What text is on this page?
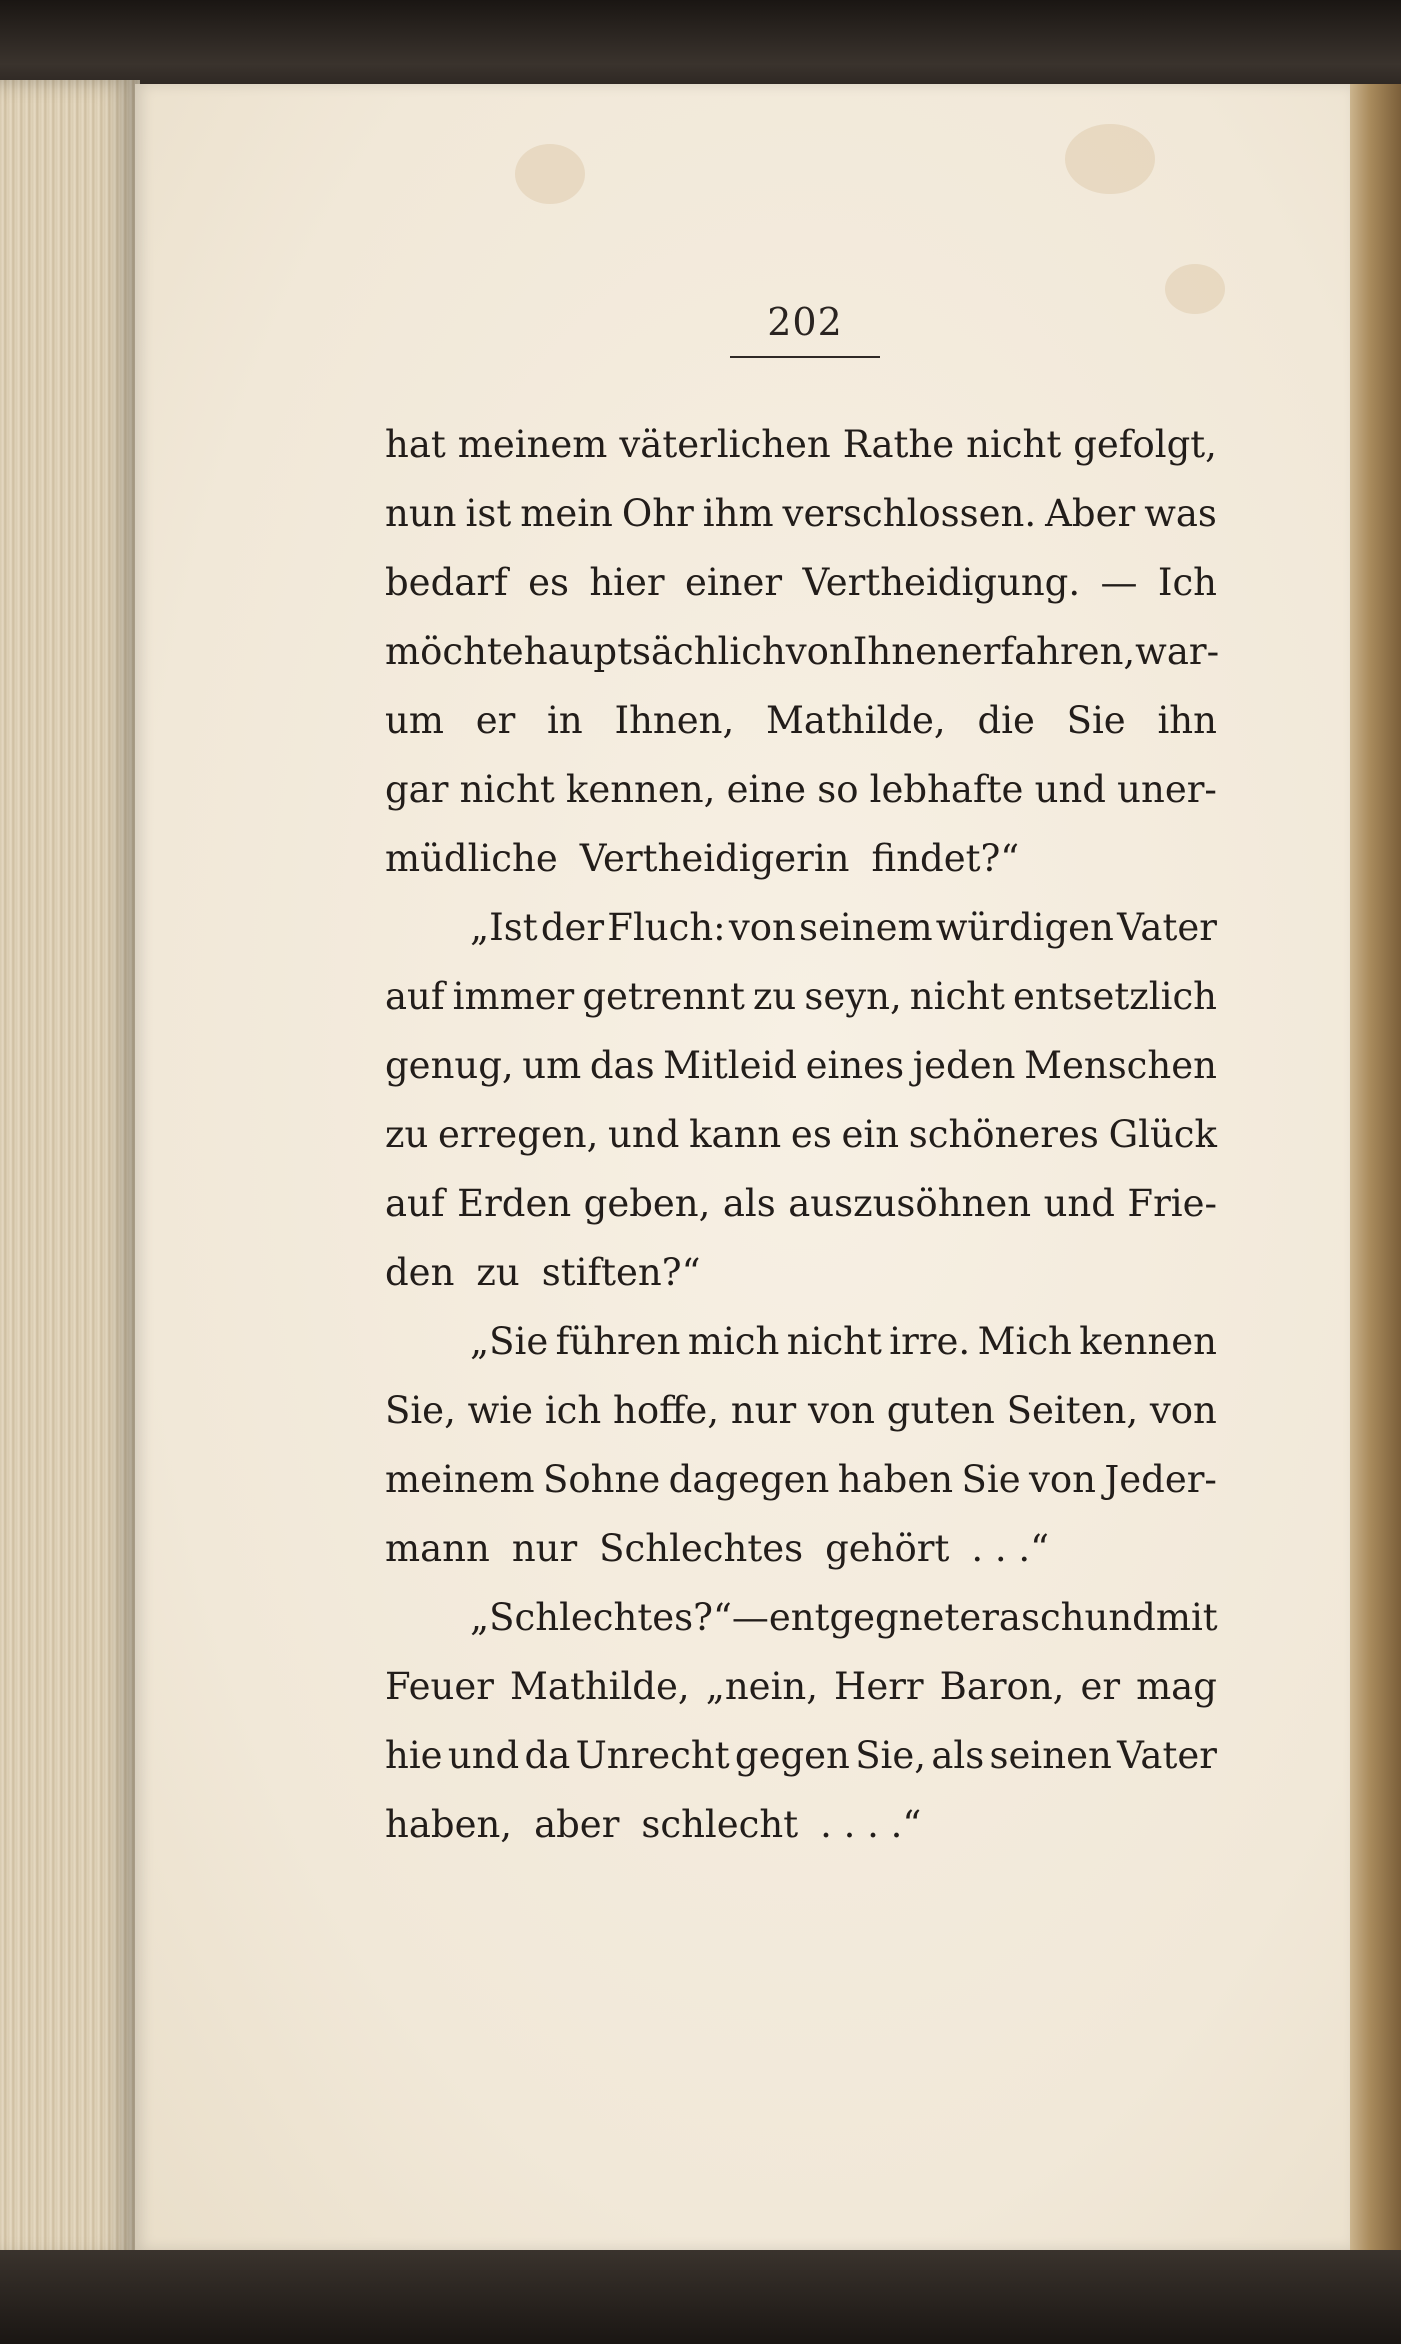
202
hat meinem väterlichen Rathe nicht gefolgt,
nun ist mein Ohr ihm verschlossen. Aber was
bedarf es hier einer Vertheidigung. — Ich
möchte hauptsächlich von Ihnen erfahren, war-
um er in Ihnen, Mathilde, die Sie ihn
gar nicht kennen, eine so lebhafte und uner-
müdliche Vertheidigerin findet?“
„Ist der Fluch: von seinem würdigen Vater
auf immer getrennt zu seyn, nicht entsetzlich
genug, um das Mitleid eines jeden Menschen
zu erregen, und kann es ein schöneres Glück
auf Erden geben, als auszusöhnen und Frie-
den zu stiften?“
„Sie führen mich nicht irre. Mich kennen
Sie, wie ich hoffe, nur von guten Seiten, von
meinem Sohne dagegen haben Sie von Jeder-
mann nur Schlechtes gehört . . .“
„Schlechtes?“ — entgegnete rasch und mit
Feuer Mathilde, „nein, Herr Baron, er mag
hie und da Unrecht gegen Sie, als seinen Vater
haben, aber schlecht . . . .“
